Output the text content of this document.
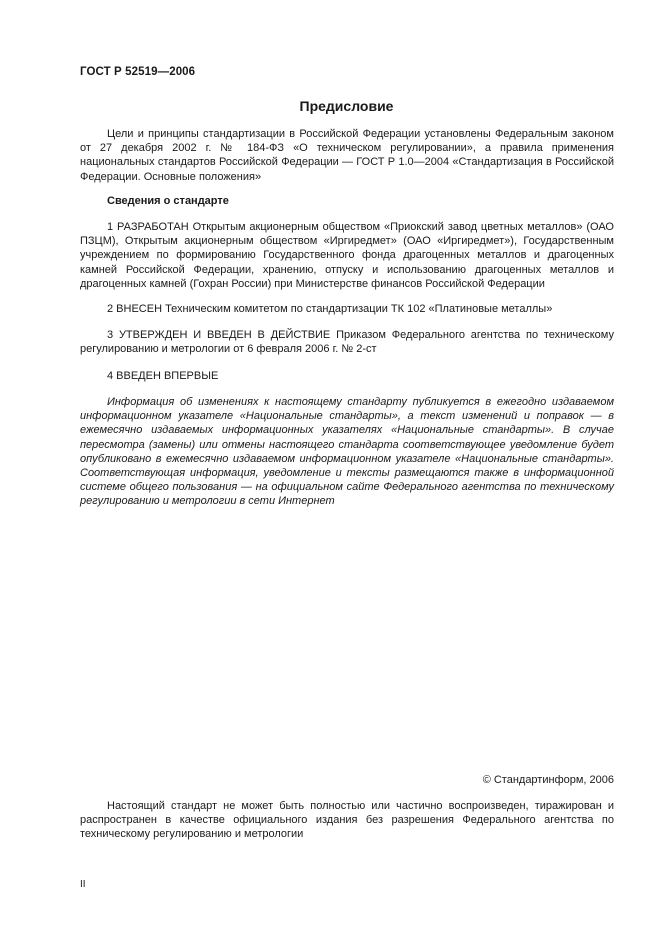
ГОСТ Р 52519—2006
Предисловие

Цели и принципы стандартизации в Российской Федерации установлены Федеральным законом от 27 декабря 2002 г. № 184-ФЗ «О техническом регулировании», а правила применения национальных стандартов Российской Федерации — ГОСТ Р 1.0—2004 «Стандартизация в Российской Федерации. Основные положения»

Сведения о стандарте

1 РАЗРАБОТАН Открытым акционерным обществом «Приокский завод цветных металлов» (ОАО ПЗЦМ), Открытым акционерным обществом «Иргиредмет» (ОАО «Иргиредмет»), Государственным учреждением по формированию Государственного фонда драгоценных металлов и драгоценных камней Российской Федерации, хранению, отпуску и использованию драгоценных металлов и драгоценных камней (Гохран России) при Министерстве финансов Российской Федерации

2 ВНЕСЕН Техническим комитетом по стандартизации ТК 102 «Платиновые металлы»

3 УТВЕРЖДЕН И ВВЕДЕН В ДЕЙСТВИЕ Приказом Федерального агентства по техническому регулированию и метрологии от 6 февраля 2006 г. № 2-ст

4 ВВЕДЕН ВПЕРВЫЕ

Информация об изменениях к настоящему стандарту публикуется в ежегодно издаваемом информационном указателе «Национальные стандарты», а текст изменений и поправок — в ежемесячно издаваемых информационных указателях «Национальные стандарты». В случае пересмотра (замены) или отмены настоящего стандарта соответствующее уведомление будет опубликовано в ежемесячно издаваемом информационном указателе «Национальные стандарты». Соответствующая информация, уведомление и тексты размещаются также в информационной системе общего пользования — на официальном сайте Федерального агентства по техническому регулированию и метрологии в сети Интернет

© Стандартинформ, 2006

Настоящий стандарт не может быть полностью или частично воспроизведен, тиражирован и распространен в качестве официального издания без разрешения Федерального агентства по техническому регулированию и метрологии

II
